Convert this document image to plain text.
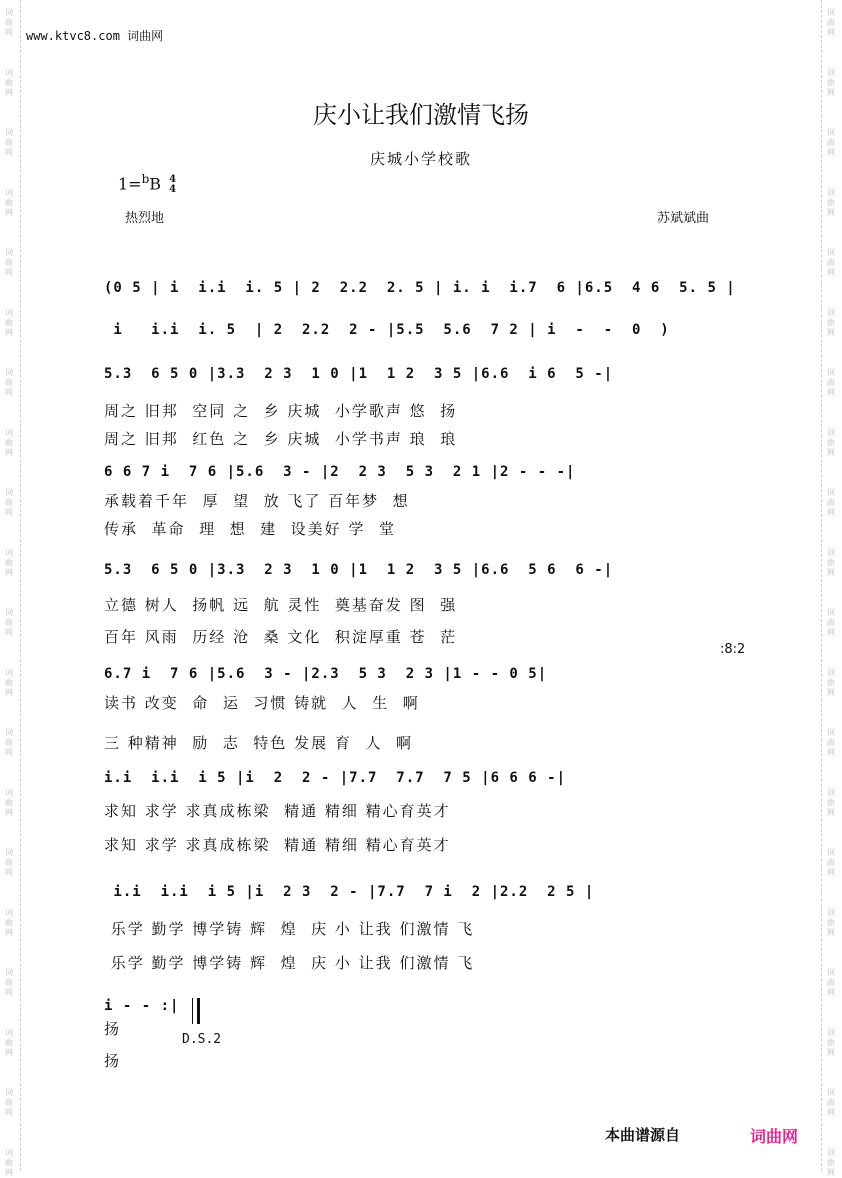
词曲网
词曲网
词曲网
词曲网
词曲网
词曲网
词曲网
词曲网
词曲网
词曲网
词曲网
词曲网
词曲网
词曲网
词曲网
词曲网
词曲网
词曲网
词曲网
词曲网
词曲网
词曲网
词曲网
词曲网
词曲网
词曲网
词曲网
词曲网
词曲网
词曲网
词曲网
词曲网
词曲网
词曲网
词曲网
词曲网
词曲网
词曲网
词曲网
词曲网
www.ktvc8.com 词曲网
庆小让我们激情飞扬
庆城小学校歌
1=$^b$B 4
4
热烈地	苏斌斌曲
(0 5 | i  i.i  i. 5 | 2  2.2  2. 5 | i. i  i.7  6 |6.5  4 6  5. 5 |
i   i.i  i. 5  | 2  2.2  2 - |5.5  5.6  7 2 | i  -  -  0  )
5.3  6 5 0 |3.3  2 3  1 0 |1  1 2  3 5 |6.6  i 6  5 -|
周之 旧邦  空同 之  乡 庆城  小学歌声 悠  扬
周之 旧邦  红色 之  乡 庆城  小学书声 琅  琅
6 6 7 i  7 6 |5.6  3 - |2  2 3  5 3  2 1 |2 - - -|
承载着千年  厚  望  放 飞了 百年梦  想
传承  革命  理  想  建  设美好 学  堂
5.3  6 5 0 |3.3  2 3  1 0 |1  1 2  3 5 |6.6  5 6  6 -|
立德 树人  扬帆 远  航 灵性  奠基奋发 图  强
百年 风雨  历经 沧  桑 文化  积淀厚重 苍  茫
:8:2
6.7 i  7 6 |5.6  3 - |2.3  5 3  2 3 |1 - - 0 5|
读书 改变  命  运  习惯 铸就  人  生  啊
三 种精神  励  志  特色 发展 育  人  啊
i.i  i.i  i 5 |i  2  2 - |7.7  7.7  7 5 |6 6 6 -|
求知 求学 求真成栋梁  精通 精细 精心育英才
求知 求学 求真成栋梁  精通 精细 精心育英才
i.i  i.i  i 5 |i  2 3  2 - |7.7  7 i  2 |2.2  2 5 |
乐学 勤学 博学铸 辉  煌  庆 小 让我 们激情 飞
乐学 勤学 博学铸 辉  煌  庆 小 让我 们激情 飞
i - - :|
扬
D.S.2
扬
本曲谱源自	词曲网
